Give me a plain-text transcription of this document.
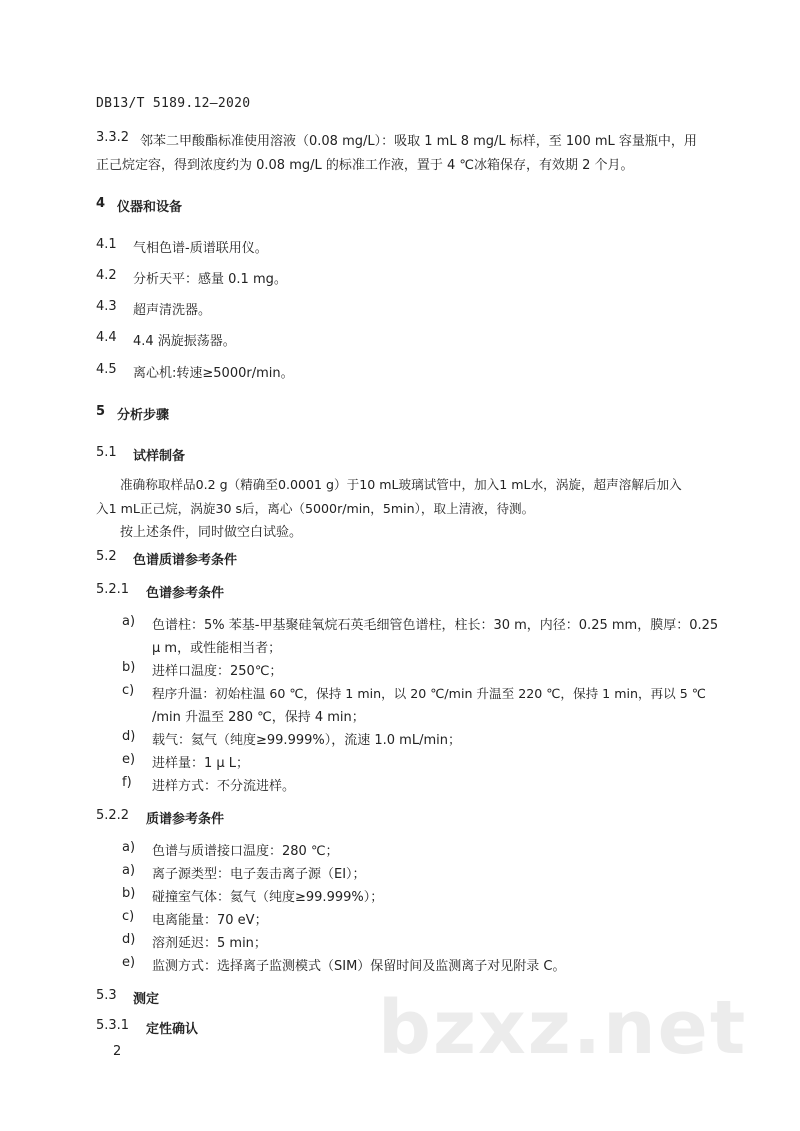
DB13/T 5189.12—2020
3.3.2 邻苯二甲酸酯标准使用溶液（0.08 mg/L）：吸取 1 mL 8 mg/L 标样，至 100 mL 容量瓶中，用
正己烷定容，得到浓度约为 0.08 mg/L 的标准工作液，置于 4 ℃冰箱保存，有效期 2 个月。
4 仪器和设备
4.1 气相色谱-质谱联用仪。
4.2 分析天平：感量 0.1 mg。
4.3 超声清洗器。
4.4 4.4 涡旋振荡器。
4.5 离心机:转速≥5000r/min。
5 分析步骤
5.1 试样制备
准确称取样品0.2 g（精确至0.0001 g）于10 mL玻璃试管中，加入1 mL水，涡旋，超声溶解后加入
入1 mL正己烷，涡旋30 s后，离心（5000r/min，5min），取上清液，待测。
按上述条件，同时做空白试验。
5.2 色谱质谱参考条件
5.2.1 色谱参考条件
a) 色谱柱：5% 苯基-甲基聚硅氧烷石英毛细管色谱柱，柱长：30 m，内径：0.25 mm，膜厚：0.25
μ m，或性能相当者；
b) 进样口温度：250℃；
c) 程序升温：初始柱温 60 ℃，保持 1 min，以 20 ℃/min 升温至 220 ℃，保持 1 min，再以 5 ℃
/min 升温至 280 ℃，保持 4 min；
d) 载气：氦气（纯度≥99.999%），流速 1.0 mL/min；
e) 进样量：1 μ L；
f) 进样方式：不分流进样。
5.2.2 质谱参考条件
a) 色谱与质谱接口温度：280 ℃；
a) 离子源类型：电子轰击离子源（EI）；
b) 碰撞室气体：氦气（纯度≥99.999%）；
c) 电离能量：70 eV；
d) 溶剂延迟：5 min；
e) 监测方式：选择离子监测模式（SIM）保留时间及监测离子对见附录 C。
5.3 测定
5.3.1 定性确认 bzxz.net
2
